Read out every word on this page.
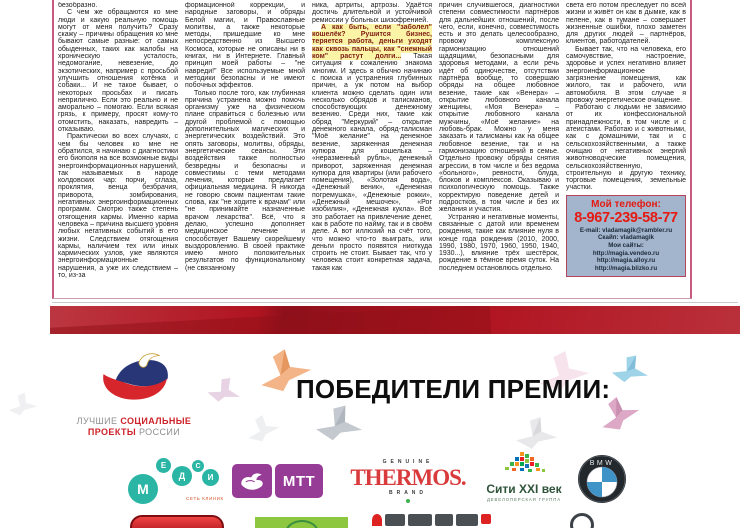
безобразно.

С чем же обращаются ко мне люди и какую реальную помощь могут от меня получить? Сразу скажу – причины обращения ко мне бывают самые разные: от самых обыденных, таких как жалобы на хроническую усталость, недомогание, невезение, до экзотических, например с просьбой улучшить отношения котёнка и собаки... И не такое бывает, о некоторых просьбах и писать неприлично. Если это реально и не аморально – помогаю. Если всякая грязь, к примеру, просят кому-то отомстить, наказать, навредить – отказываю.

Практически во всех случаях, с чем бы человек ко мне не обратился, я начинаю с диагностики его биополя на все возможные виды энергоинформационных нарушений, так называемых в народе колдовских чар: порчи, сглаза, проклятия, венца безбрачия, приворота, зомбирования, негативных энергоинформационных программ. Смотрю также степень отягощения кармы. Именно карма человека – причина высшего уровня любых негативных событий в его жизни. Следствием отягощения кармы, наличием тех или иных кармических узлов, уже являются энергоинформационные нарушения, а уже их следствием – то, из-за

формационной коррекции, и народные заговоры, и обряды Белой магии, и Православные молитвы, а также некоторые методы, пришедшие ко мне непосредственно из Высшего Космоса, которые не описаны ни в книгах, ни в Интернете. Главный принцип моей работы – "не навреди!" Все используемые мной методики безопасны и не имеют побочных эффектов.

Только после того, как глубинная причина устранена можно помочь организму уже на физическом плане справиться с болезнью или другой проблемой с помощью дополнительных магических и энергетических воздействий. Это опять заговоры, молитвы, обряды, энергетические сеансы. Эти воздействия также полностью безвредны и безопасны и совместимы с теми методами лечения, которые предлагает официальная медицина. Я никогда не говорю своим пациентам такие слова, как "не ходите к врачам" или "не принимайте назначенные врачом лекарства". Всё, что я делаю, успешно дополняет медицинское лечение и способствует Вашему скорейшему выздоровлению. В своей практике имею много положительных результатов по функциональному (не связанному

ника, артриты, артрозы. Удаётся достичь длительной и устойчивой ремиссии у больных шизофренией.

А как быть, если "заболел" кошелёк? Рушится бизнес, теряется работа, деньги уходят как сквозь пальцы, как "снежный ком" растут долги... Такая ситуация к сожалению знакома многим. И здесь я обычно начинаю с поиска и устранения глубинных причин, а уж потом на выбор клиента можно сделать один или несколько обрядов и талисманов, способствующих денежному везению. Среди них, такие как обряд "Меркурий" – открытие денежного канала, обряд-талисман "Моё желание" на денежное везение, заряженная денежная купюра для кошелька – «неразменный рубль», денежный приворот, заряженная денежная купюра для квартиры (или рабочего помещения), «Золотая вода», «Денежный веник», «Денежная погремушка», «Денежные рожки», «Денежный мешочек», «Рог изобилия», «Денежная кукла». Всё это работает на привлечение денег, как в работе по найму, так и в своём деле. А вот иллюзий на счёт того, что можно что-то выиграть, или деньги просто появятся ниоткуда строить не стоит. Бывает так, что у человека стоит конкретная задача, такая как

причин случившегося, диагностики степени совместимости партнёров для дальнейших отношений, после чего, если, конечно, совместимость есть и это делать целесообразно, провожу комплексную гармонизацию отношений щадящими, безопасными для здоровья методами, а если речь идёт об одиночестве, отсутствии партнёра вообще, то совершаю обряды на общее любовное везение, такие как «Венера» – открытие любовного канала женщины, «Моя Венера» – открытие любовного канала мужчины, «Моё желание» на любовь-брак. Можно у меня заказать и талисманы как на общее любовное везение, так и на гармонизацию отношений в семье. Отдельно провожу обряды снятия агрессии, в том числе и без ведома «больного», ревности, блуда, блоков и комплексов. Оказываю и психологическую помощь. Также корректирую поведение детей и подростков, в том числе и без их желания и участия.

Устраняю и негативные моменты, связанные с датой или временем рождения, такие как влияние нуля в конце года рождения (2010, 2000, 1990, 1980, 1970, 1960, 1950, 1940, 1930...), влияние трёх шестёрок, рождение в тёмное время суток. На последнем остановлюсь отдельно.

света его потом преследует по всей жизни и живёт он как в дымке, как в пелене, как в тумане – совершает жизненные ошибки, плохо заметен для других людей – партнёров, клиентов, работодателей.

Бывает так, что на человека, его самочувствие, настроение, здоровье и успех негативно влияет энергоинформационное загрязнение помещения, как жилого, так и рабочего, или автомобиля. В этом случае я провожу энергетическое очищение.

Работаю с людьми не зависимо от их конфессиональной принадлежности, в том числе и с атеистами. Работаю и с животными, как с домашними, так и с сельскохозяйственными, а также очищаю от негативных энергий животноводческие помещения, сельскохозяйственную, строительную и другую технику, торговые помещения, земельные участки.

Мой телефон:
8-967-239-58-77
E-mail: vladamagik@rambler.ru
Скайп: vladamagik
Мои сайты:
http://magia.vendeo.ru
http://magia.alloy.ru
http://magia.blizko.ru
ПОБЕДИТЕЛИ ПРЕМИИ:
ЛУЧШИЕ СОЦИАЛЬНЫЕ
ПРОЕКТЫ РОССИИ
М
Е
Д
С
И
СЕТЬ КЛИНИК
MTT
GENUINE
THERMOS.
BRAND	Сити XXI век
ДЕВЕЛОПЕРСКАЯ ГРУППА
BMW
